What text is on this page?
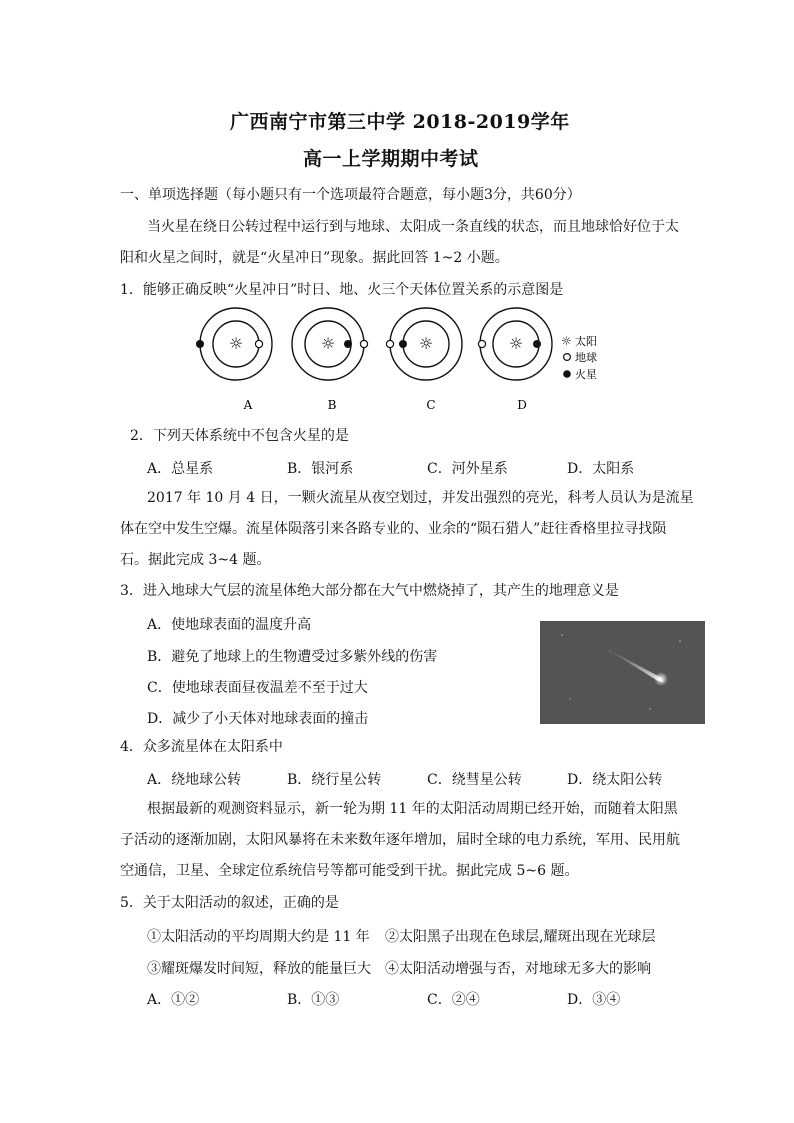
广西南宁市第三中学 2018-2019学年
高一上学期期中考试
一、单项选择题（每小题只有一个选项最符合题意，每小题3分，共60分）
当火星在绕日公转过程中运行到与地球、太阳成一条直线的状态，而且地球恰好位于太
阳和火星之间时，就是“火星冲日”现象。据此回答 1~2 小题。
1．能够正确反映“火星冲日”时日、地、火三个天体位置关系的示意图是
☼	☼	☼	☼	☼ 太阳
地球
火星
A	B	C	D
2．下列天体系统中不包含火星的是
A．总星系	B．银河系	C．河外星系	D．太阳系
2017 年 10 月 4 日，一颗火流星从夜空划过，并发出强烈的亮光，科考人员认为是流星
体在空中发生空爆。流星体陨落引来各路专业的、业余的“陨石猎人”赶往香格里拉寻找陨
石。据此完成 3~4 题。
3．进入地球大气层的流星体绝大部分都在大气中燃烧掉了，其产生的地理意义是
A．使地球表面的温度升高
B．避免了地球上的生物遭受过多紫外线的伤害
C．使地球表面昼夜温差不至于过大
D．减少了小天体对地球表面的撞击
4．众多流星体在太阳系中
A．绕地球公转	B．绕行星公转	C．绕彗星公转	D．绕太阳公转
根据最新的观测资料显示，新一轮为期 11 年的太阳活动周期已经开始，而随着太阳黑
子活动的逐渐加剧，太阳风暴将在未来数年逐年增加，届时全球的电力系统，军用、民用航
空通信，卫星、全球定位系统信号等都可能受到干扰。据此完成 5~6 题。
5．关于太阳活动的叙述，正确的是
①太阳活动的平均周期大约是 11 年 ②太阳黑子出现在色球层,耀斑出现在光球层
③耀斑爆发时间短，释放的能量巨大 ④太阳活动增强与否，对地球无多大的影响
A．①②	B．①③	C．②④	D．③④
